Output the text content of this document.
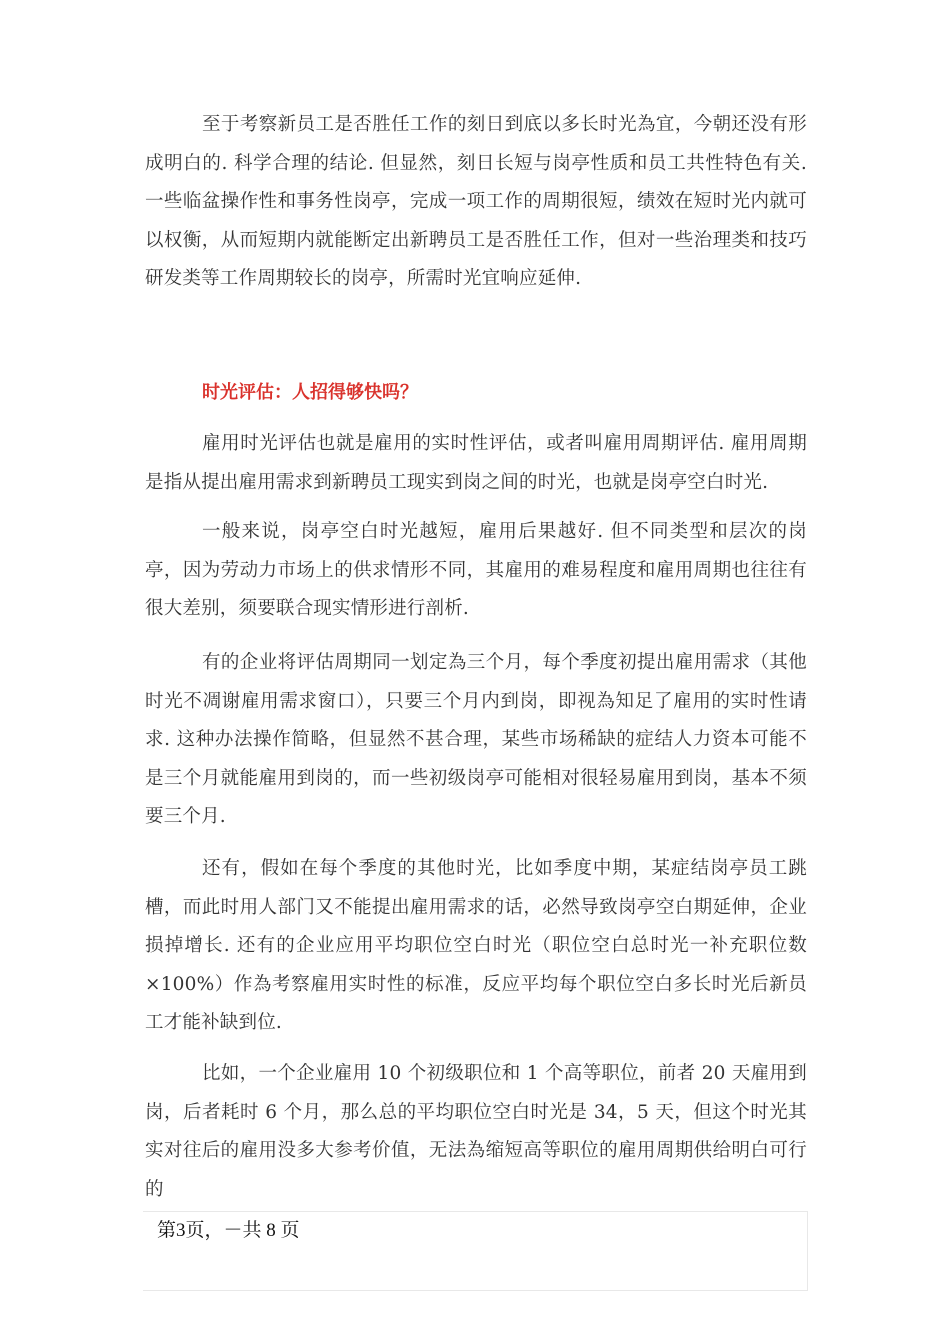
至于考察新员工是否胜任工作的刻日到底以多长时光為宜，今朝还没有形成明白的. 科学合理的结论. 但显然，刻日长短与岗亭性质和员工共性特色有关. 一些临盆操作性和事务性岗亭，完成一项工作的周期很短，绩效在短时光内就可以权衡，从而短期内就能断定出新聘员工是否胜任工作，但对一些治理类和技巧研发类等工作周期较长的岗亭，所需时光宜响应延伸.

时光评估：人招得够快吗？

雇用时光评估也就是雇用的实时性评估，或者叫雇用周期评估. 雇用周期是指从提出雇用需求到新聘员工现实到岗之间的时光，也就是岗亭空白时光.

一般来说，岗亭空白时光越短，雇用后果越好. 但不同类型和层次的岗亭，因为劳动力市场上的供求情形不同，其雇用的难易程度和雇用周期也往往有很大差别，须要联合现实情形进行剖析.

有的企业将评估周期同一划定為三个月，每个季度初提出雇用需求（其他时光不凋谢雇用需求窗口），只要三个月内到岗，即视為知足了雇用的实时性请求. 这种办法操作简略，但显然不甚合理，某些市场稀缺的症结人力资本可能不是三个月就能雇用到岗的，而一些初级岗亭可能相对很轻易雇用到岗，基本不须要三个月.

还有，假如在每个季度的其他时光，比如季度中期，某症结岗亭员工跳槽，而此时用人部门又不能提出雇用需求的话，必然导致岗亭空白期延伸，企业损掉增长. 还有的企业应用平均职位空白时光（职位空白总时光一补充职位数×100%）作為考察雇用实时性的标准，反应平均每个职位空白多长时光后新员工才能补缺到位.

比如，一个企业雇用 10 个初级职位和 1 个高等职位，前者 20 天雇用到岗，后者耗时 6 个月，那么总的平均职位空白时光是 34，5 天，但这个时光其实对往后的雇用没多大参考价值，无法為缩短高等职位的雇用周期供给明白可行的

第3页，－共 8 页
